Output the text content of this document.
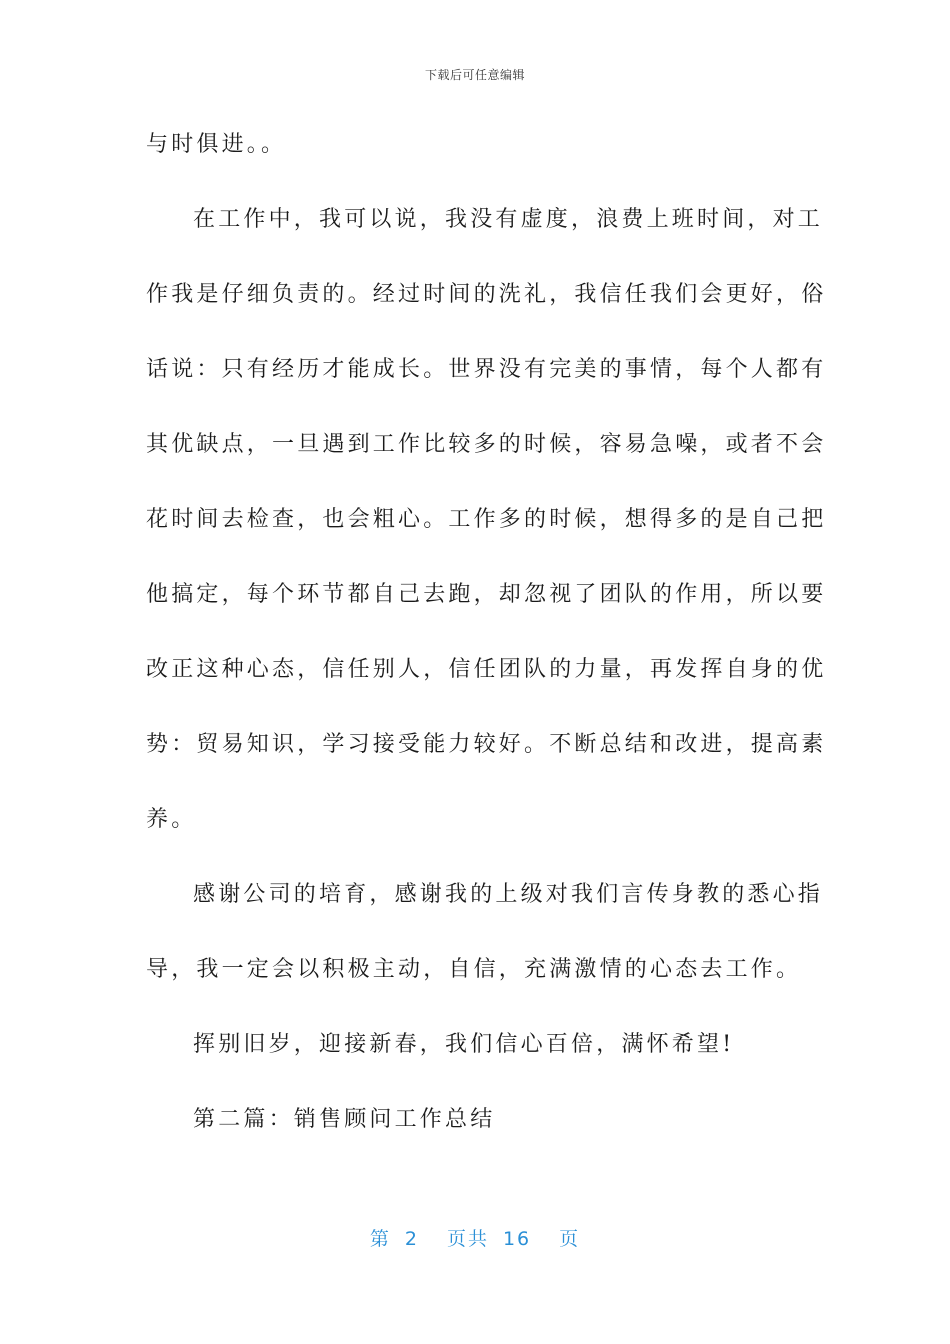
下载后可任意编辑
与时俱进。。
在工作中，我可以说，我没有虚度，浪费上班时间，对工
作我是仔细负责的。经过时间的洗礼，我信任我们会更好，俗
话说：只有经历才能成长。世界没有完美的事情，每个人都有
其优缺点，一旦遇到工作比较多的时候，容易急噪，或者不会
花时间去检查，也会粗心。工作多的时候，想得多的是自己把
他搞定，每个环节都自己去跑，却忽视了团队的作用，所以要
改正这种心态，信任别人，信任团队的力量，再发挥自身的优
势：贸易知识，学习接受能力较好。不断总结和改进，提高素
养。
感谢公司的培育，感谢我的上级对我们言传身教的悉心指
导，我一定会以积极主动，自信，充满激情的心态去工作。
挥别旧岁，迎接新春，我们信心百倍，满怀希望!
第二篇：销售顾问工作总结
第 2 页共 16 页
